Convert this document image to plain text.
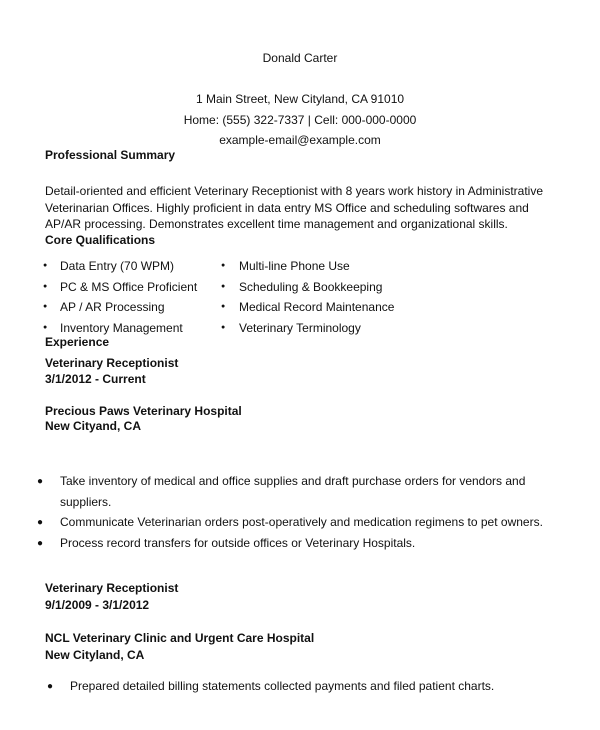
Donald Carter
1 Main Street, New Cityland, CA 91010
Home: (555) 322-7337 | Cell: 000-000-0000
example-email@example.com
Professional Summary
Detail-oriented and efficient Veterinary Receptionist with 8 years work history in Administrative Veterinarian Offices. Highly proficient in data entry MS Office and scheduling softwares and AP/AR processing. Demonstrates excellent time management and organizational skills.
Core Qualifications
● Data Entry (70 WPM)
● PC & MS Office Proficient
● AP / AR Processing
● Inventory Management
● Multi-line Phone Use
● Scheduling & Bookkeeping
● Medical Record Maintenance
● Veterinary Terminology
Experience
Veterinary Receptionist
3/1/2012 - Current
Precious Paws Veterinary Hospital
New Cityand, CA
● Take inventory of medical and office supplies and draft purchase orders for vendors and
suppliers.
● Communicate Veterinarian orders post-operatively and medication regimens to pet owners.
● Process record transfers for outside offices or Veterinary Hospitals.
Veterinary Receptionist
9/1/2009 - 3/1/2012
NCL Veterinary Clinic and Urgent Care Hospital
New Cityland, CA
● Prepared detailed billing statements collected payments and filed patient charts.
